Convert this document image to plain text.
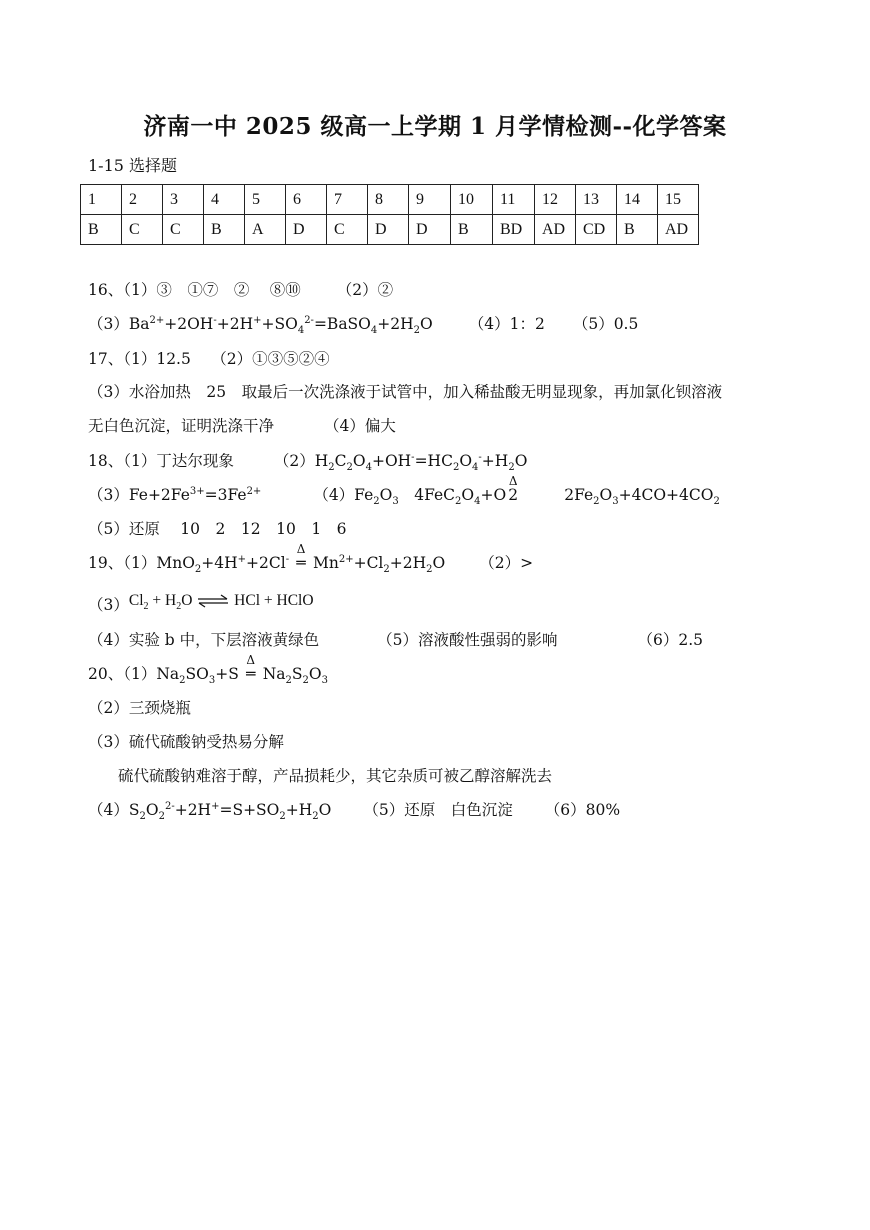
济南一中 2025 级高一上学期 1 月学情检测--化学答案
1-15 选择题
1	2	3	4	5	6	7	8	9	10	11	12	13	14	15
B	C	C	B	A	D	C	D	D	B	BD	AD	CD	B	AD
16、（1）③　①⑦　②　 ⑧⑩ （2）②
$(3)Ba^{2+}+2OH^-+2H^++SO_4^{2-}=BaSO_4+2H_2O$ （4）1：2 （5）0.5
17、（1）12.5　 （2）①③⑤②④
（3）水浴加热　25　取最后一次洗涤液于试管中，加入稀盐酸无明显现象，再加氯化钡溶液
无白色沉淀，证明洗涤干净	（4）偏大
18、（1）丁达尔现象	$(2)H_2C_2O_4+OH^-=HC_2O_4^-+H_2O$
$(3)Fe+2Fe^{3+}=3Fe^{2+}$	$(4)Fe_2O_3$　$4FeC_2O_4+O$
Δ
2	$2Fe_2O_3+4CO+4CO_2$
（5）还原　 10　2　12　10　1　6
19、（1）MnO$_2$+4H++2Cl-
Δ
═ $Mn^{2+}+Cl_2+2H_2O$ （2）>
$(3)Cl_2 + H_2O$ ⇌ HCl + HClO
（4）实验 b 中，下层溶液黄绿色	（5）溶液酸性强弱的影响	（6）2.5
20、$(1)Na_2SO_3+S$
Δ
═ $Na_2S_2O_3$
（2）三颈烧瓶
（3）硫代硫酸钠受热易分解
硫代硫酸钠难溶于醇，产品损耗少，其它杂质可被乙醇溶解洗去
$(4)S_2O_2^{2-}+2H^+=S+SO_2+H_2O$ （5）还原　白色沉淀 （6）80%
